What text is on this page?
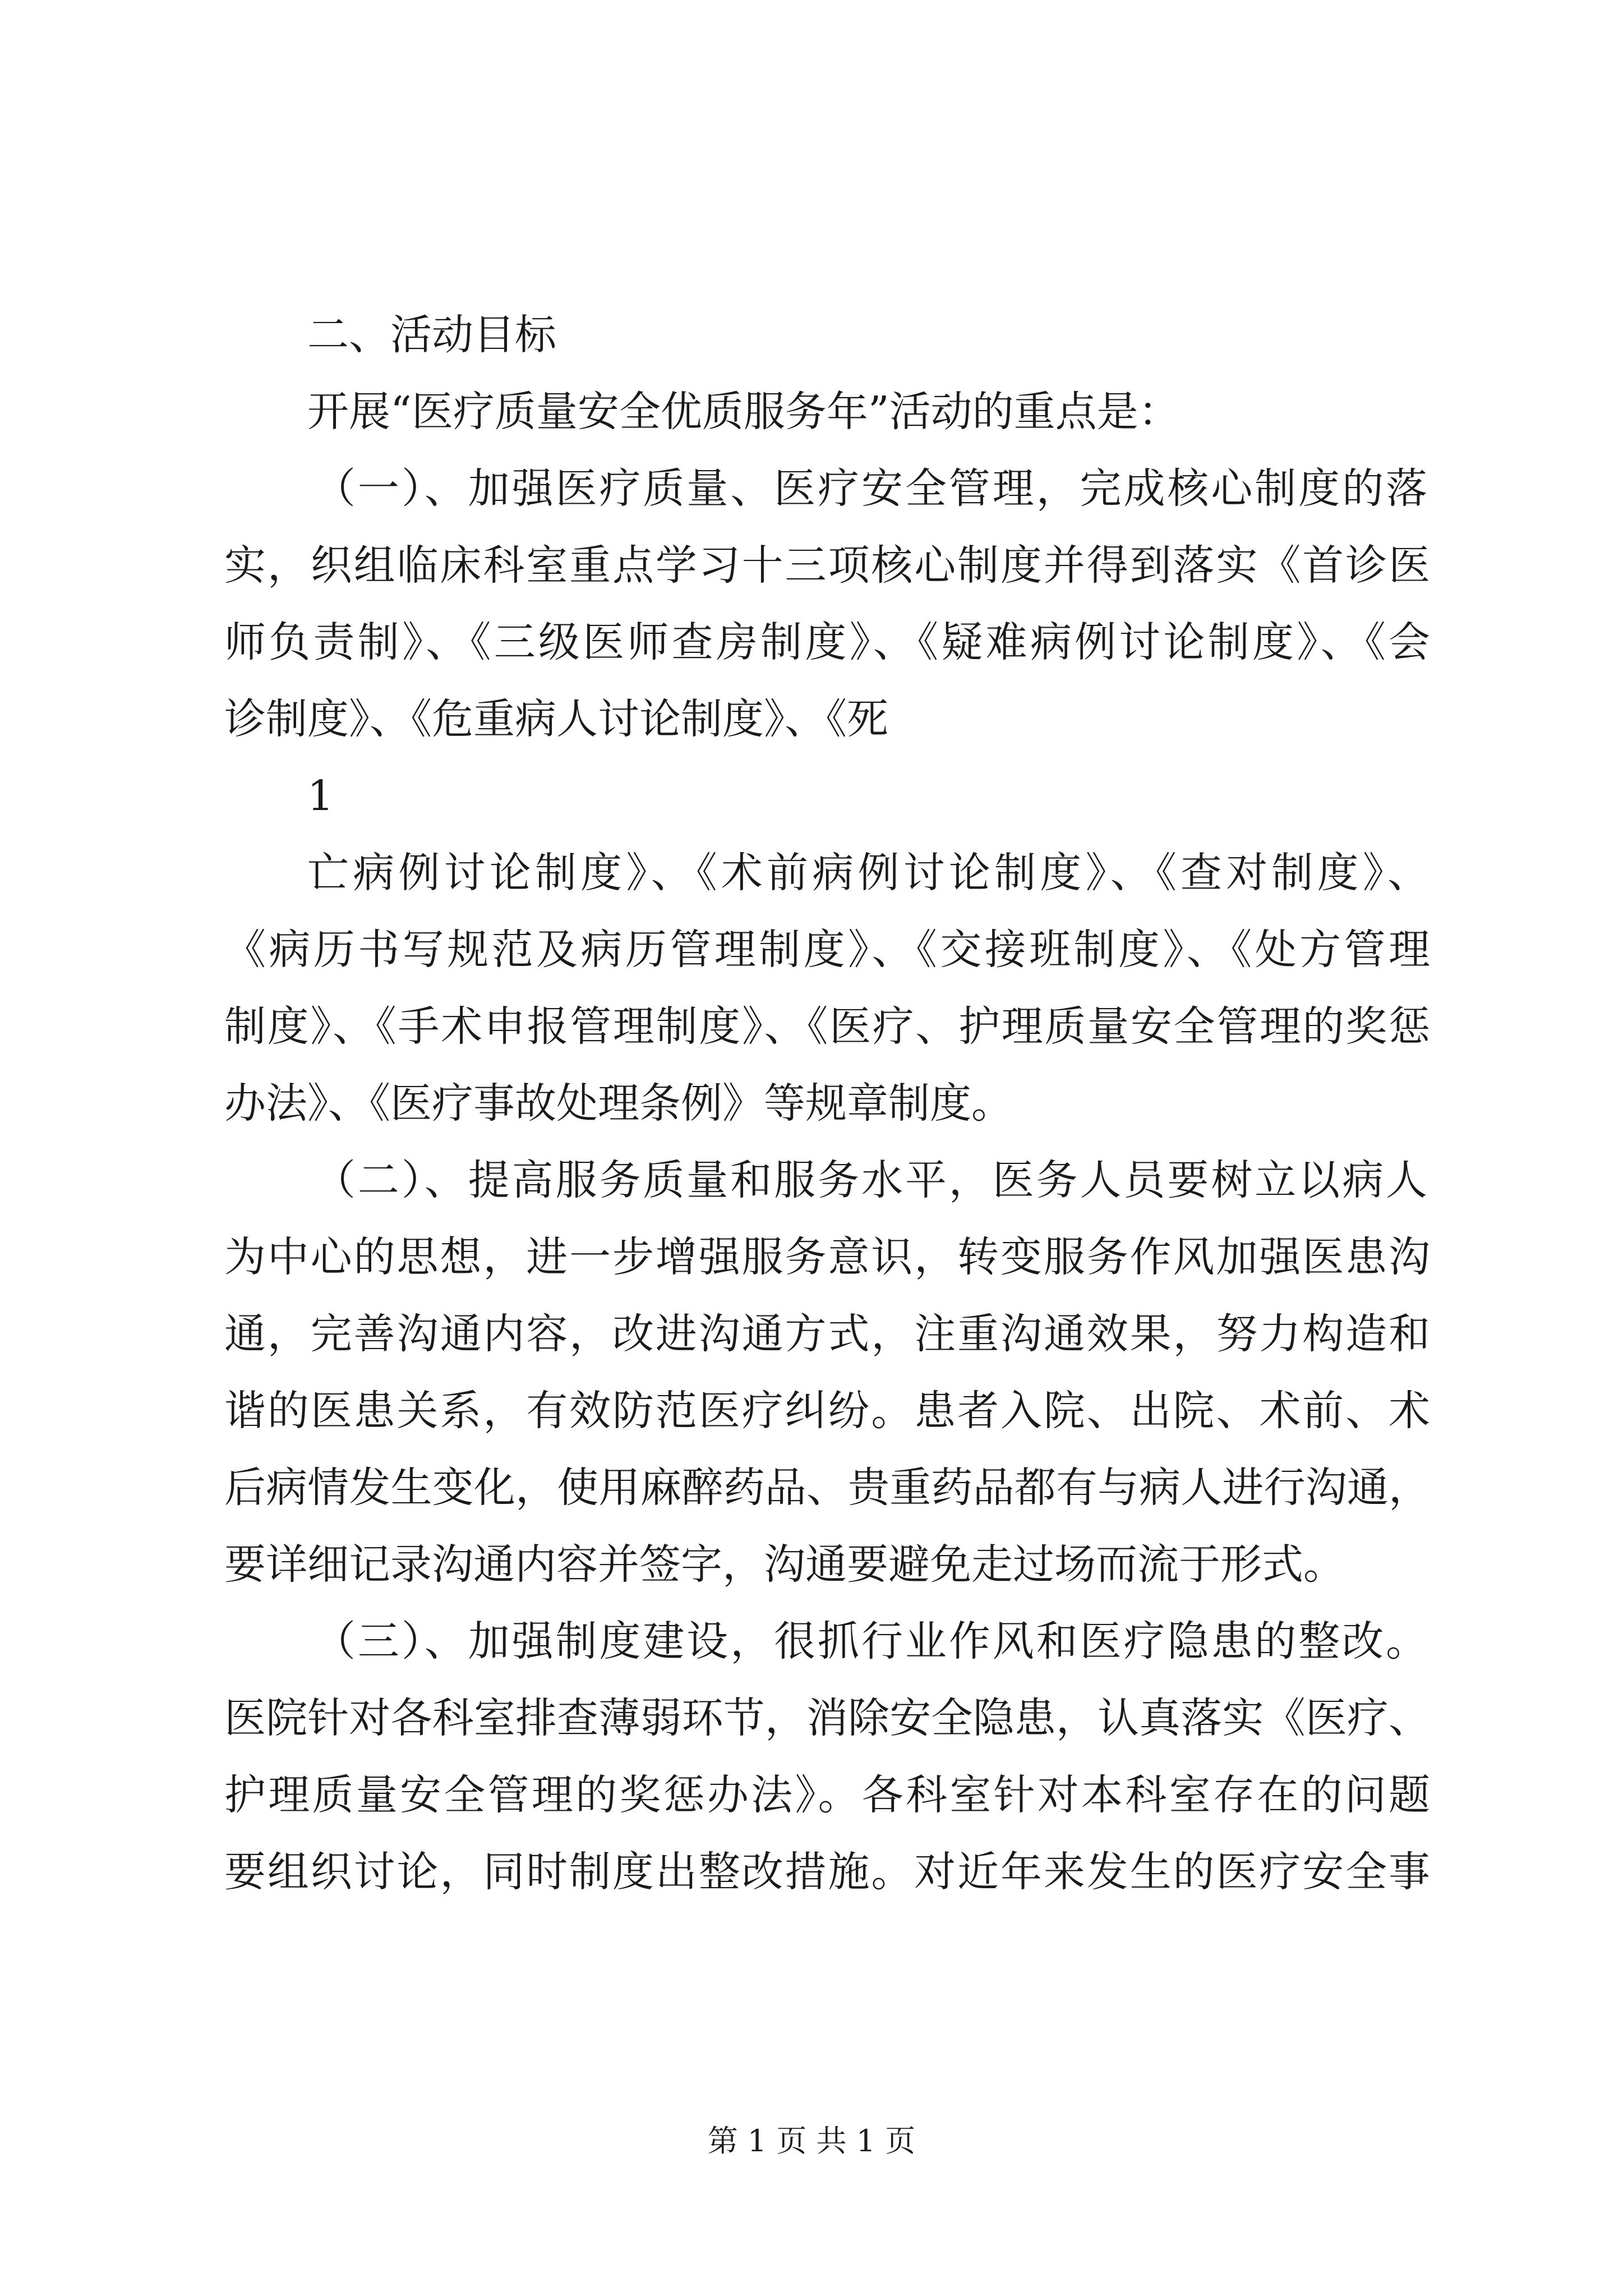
二、活动目标
开展“医疗质量安全优质服务年”活动的重点是：
（一）、加强医疗质量、医疗安全管理，完成核心制度的落
实，织组临床科室重点学习十三项核心制度并得到落实《首诊医
师负责制》、《三级医师查房制度》、《疑难病例讨论制度》、《会
诊制度》、《危重病人讨论制度》、《死
1
亡病例讨论制度》、《术前病例讨论制度》、《查对制度》、
《病历书写规范及病历管理制度》、《交接班制度》、《处方管理
制度》、《手术申报管理制度》、《医疗、护理质量安全管理的奖惩
办法》、《医疗事故处理条例》等规章制度。
（二）、提高服务质量和服务水平，医务人员要树立以病人
为中心的思想，进一步增强服务意识，转变服务作风加强医患沟
通，完善沟通内容，改进沟通方式，注重沟通效果，努力构造和
谐的医患关系，有效防范医疗纠纷。患者入院、出院、术前、术
后病情发生变化，使用麻醉药品、贵重药品都有与病人进行沟通，
要详细记录沟通内容并签字，沟通要避免走过场而流于形式。
（三）、加强制度建设，很抓行业作风和医疗隐患的整改。
医院针对各科室排查薄弱环节，消除安全隐患，认真落实《医疗、
护理质量安全管理的奖惩办法》。各科室针对本科室存在的问题
要组织讨论，同时制度出整改措施。对近年来发生的医疗安全事
第 1 页 共 1 页
